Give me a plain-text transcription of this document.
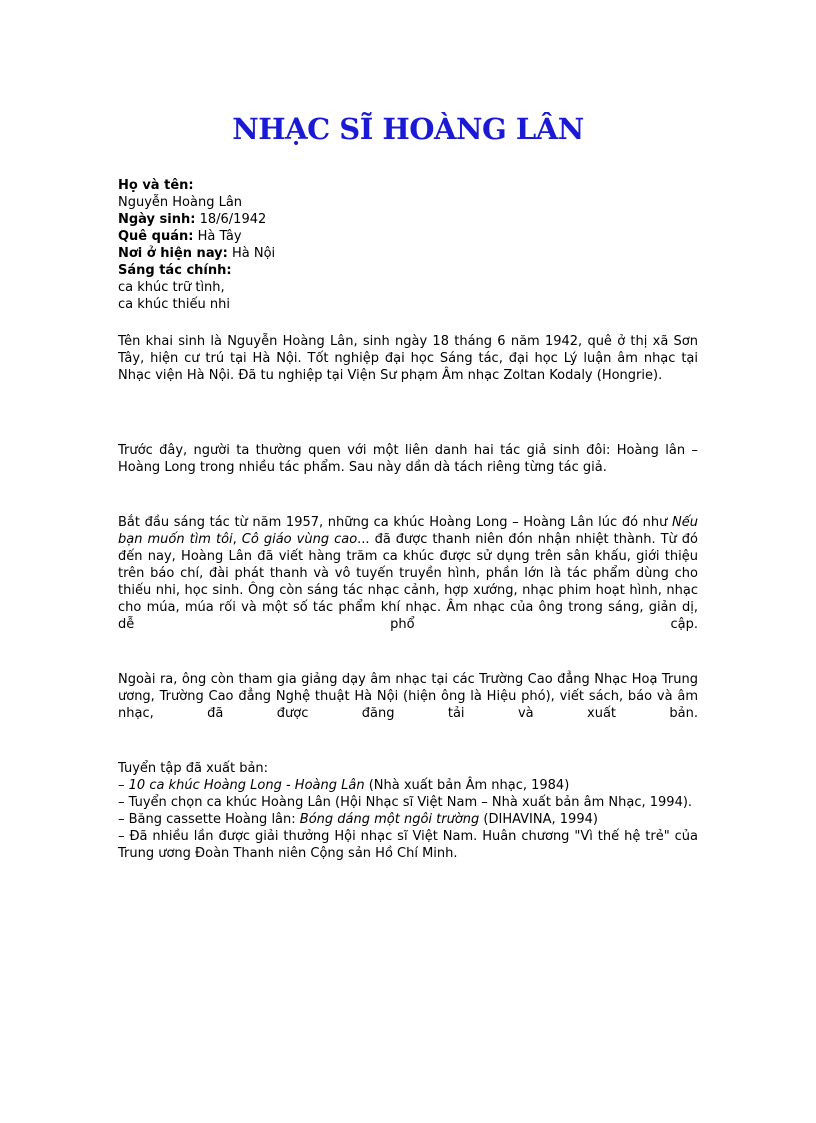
NHẠC SĨ HOÀNG LÂN
Họ và tên:
Nguyễn Hoàng Lân
Ngày sinh: 18/6/1942
Quê quán: Hà Tây
Nơi ở hiện nay: Hà Nội
Sáng tác chính:
ca khúc trữ tình,
ca khúc thiếu nhi

Tên khai sinh là Nguyễn Hoàng Lân, sinh ngày 18 tháng 6 năm 1942, quê ở thị xã Sơn Tây, hiện cư trú tại Hà Nội. Tốt nghiệp đại học Sáng tác, đại học Lý luận âm nhạc tại Nhạc viện Hà Nội. Đã tu nghiệp tại Viện Sư phạm Âm nhạc Zoltan Kodaly (Hongrie).

Trước đây, người ta thường quen với một liên danh hai tác giả sinh đôi: Hoàng lân – Hoàng Long trong nhiều tác phẩm. Sau này dần dà tách riêng từng tác giả.

Bắt đầu sáng tác từ năm 1957, những ca khúc Hoàng Long – Hoàng Lân lúc đó như Nếu bạn muốn tìm tôi, Cô giáo vùng cao... đã được thanh niên đón nhận nhiệt thành. Từ đó đến nay, Hoàng Lân đã viết hàng trăm ca khúc được sử dụng trên sân khấu, giới thiệu trên báo chí, đài phát thanh và vô tuyến truyền hình, phần lớn là tác phẩm dùng cho thiếu nhi, học sinh. Ông còn sáng tác nhạc cảnh, hợp xướng, nhạc phim hoạt hình, nhạc cho múa, múa rối và một số tác phẩm khí nhạc. Âm nhạc của ông trong sáng, giản dị, dễ phổ cập.

Ngoài ra, ông còn tham gia giảng dạy âm nhạc tại các Trường Cao đẳng Nhạc Hoạ Trung ương, Trường Cao đẳng Nghệ thuật Hà Nội (hiện ông là Hiệu phó), viết sách, báo và âm nhạc, đã được đăng tải và xuất bản.

Tuyển tập đã xuất bản:
– 10 ca khúc Hoàng Long - Hoàng Lân (Nhà xuất bản Âm nhạc, 1984)
– Tuyển chọn ca khúc Hoàng Lân (Hội Nhạc sĩ Việt Nam – Nhà xuất bản âm Nhạc, 1994).
– Băng cassette Hoàng lân: Bóng dáng một ngôi trường (DIHAVINA, 1994)
– Đã nhiều lần được giải thưởng Hội nhạc sĩ Việt Nam. Huân chương "Vì thế hệ trẻ" của Trung ương Đoàn Thanh niên Cộng sản Hồ Chí Minh.
